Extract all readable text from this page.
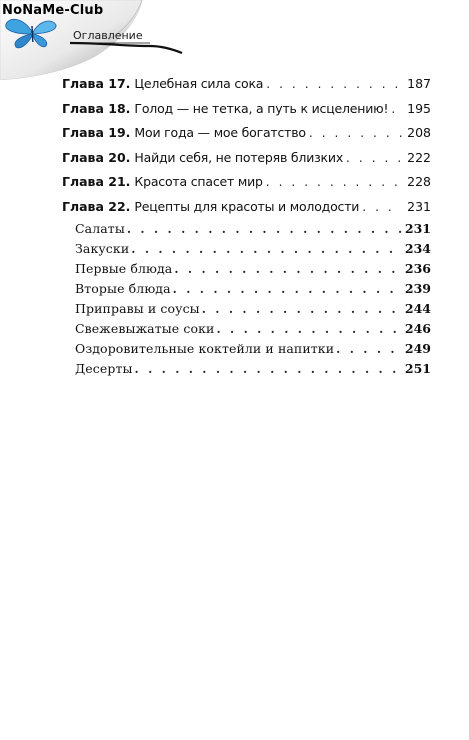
NoNaMe-Club
Оглавление
Глава 17. Целебная сила сока . . .	187
Глава 18. Голод — не тетка, а путь к исцелению! . . . 195
Глава 19. Мои года — мое богатство . . .	208
Глава 20. Найди себя, не потеряв близких . . .	222
Глава 21. Красота спасет мир . . .	228
Глава 22. Рецепты для красоты и молодости . . .	231
Салаты . . .	231
Закуски . . .	234
Первые блюда . . .	236
Вторые блюда . . .	239
Приправы и соусы . . .	244
Свежевыжатые соки . . .	246
Оздоровительные коктейли и напитки . . .	249
Десерты . . .	251
